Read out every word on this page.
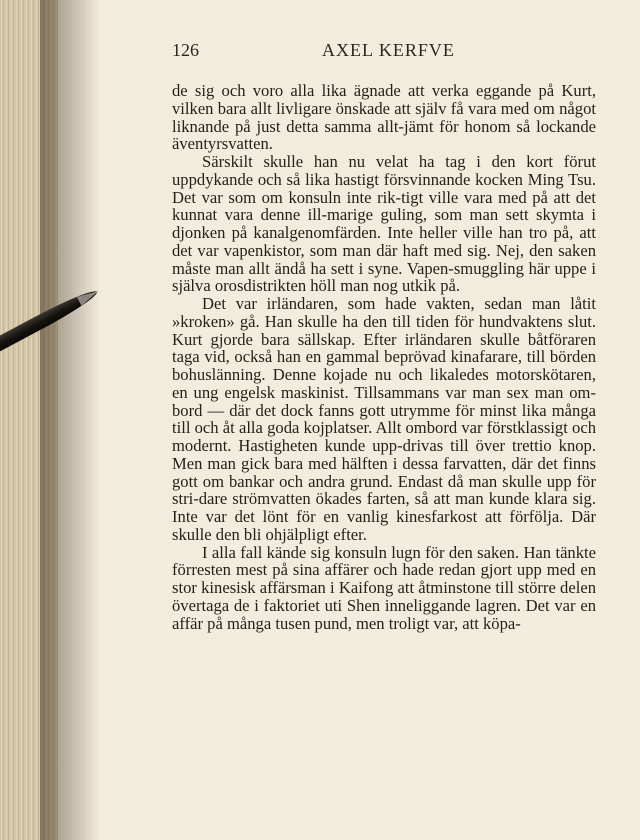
126	AXEL KERFVE

de sig och voro alla lika ägnade att verka eggande på Kurt, vilken bara allt livligare önskade att själv få vara med om något liknande på just detta samma allt-jämt för honom så lockande äventyrsvatten.

Särskilt skulle han nu velat ha tag i den kort förut uppdykande och så lika hastigt försvinnande kocken Ming Tsu. Det var som om konsuln inte rik-tigt ville vara med på att det kunnat vara denne ill-marige guling, som man sett skymta i djonken på kanalgenomfärden. Inte heller ville han tro på, att det var vapenkistor, som man där haft med sig. Nej, den saken måste man allt ändå ha sett i syne. Vapen-smuggling här uppe i själva orosdistrikten höll man nog utkik på.

Det var irländaren, som hade vakten, sedan man låtit »kroken» gå. Han skulle ha den till tiden för hundvaktens slut. Kurt gjorde bara sällskap. Efter irländaren skulle båtföraren taga vid, också han en gammal beprövad kinafarare, till börden bohuslänning. Denne kojade nu och likaledes motorskötaren, en ung engelsk maskinist. Tillsammans var man sex man om-bord — där det dock fanns gott utrymme för minst lika många till och åt alla goda kojplatser. Allt ombord var förstklassigt och modernt. Hastigheten kunde upp-drivas till över trettio knop. Men man gick bara med hälften i dessa farvatten, där det finns gott om bankar och andra grund. Endast då man skulle upp för stri-dare strömvatten ökades farten, så att man kunde klara sig. Inte var det lönt för en vanlig kinesfarkost att förfölja. Där skulle den bli ohjälpligt efter.

I alla fall kände sig konsuln lugn för den saken. Han tänkte förresten mest på sina affärer och hade redan gjort upp med en stor kinesisk affärsman i Kaifong att åtminstone till större delen övertaga de i faktoriet uti Shen inneliggande lagren. Det var en affär på många tusen pund, men troligt var, att köpa-
